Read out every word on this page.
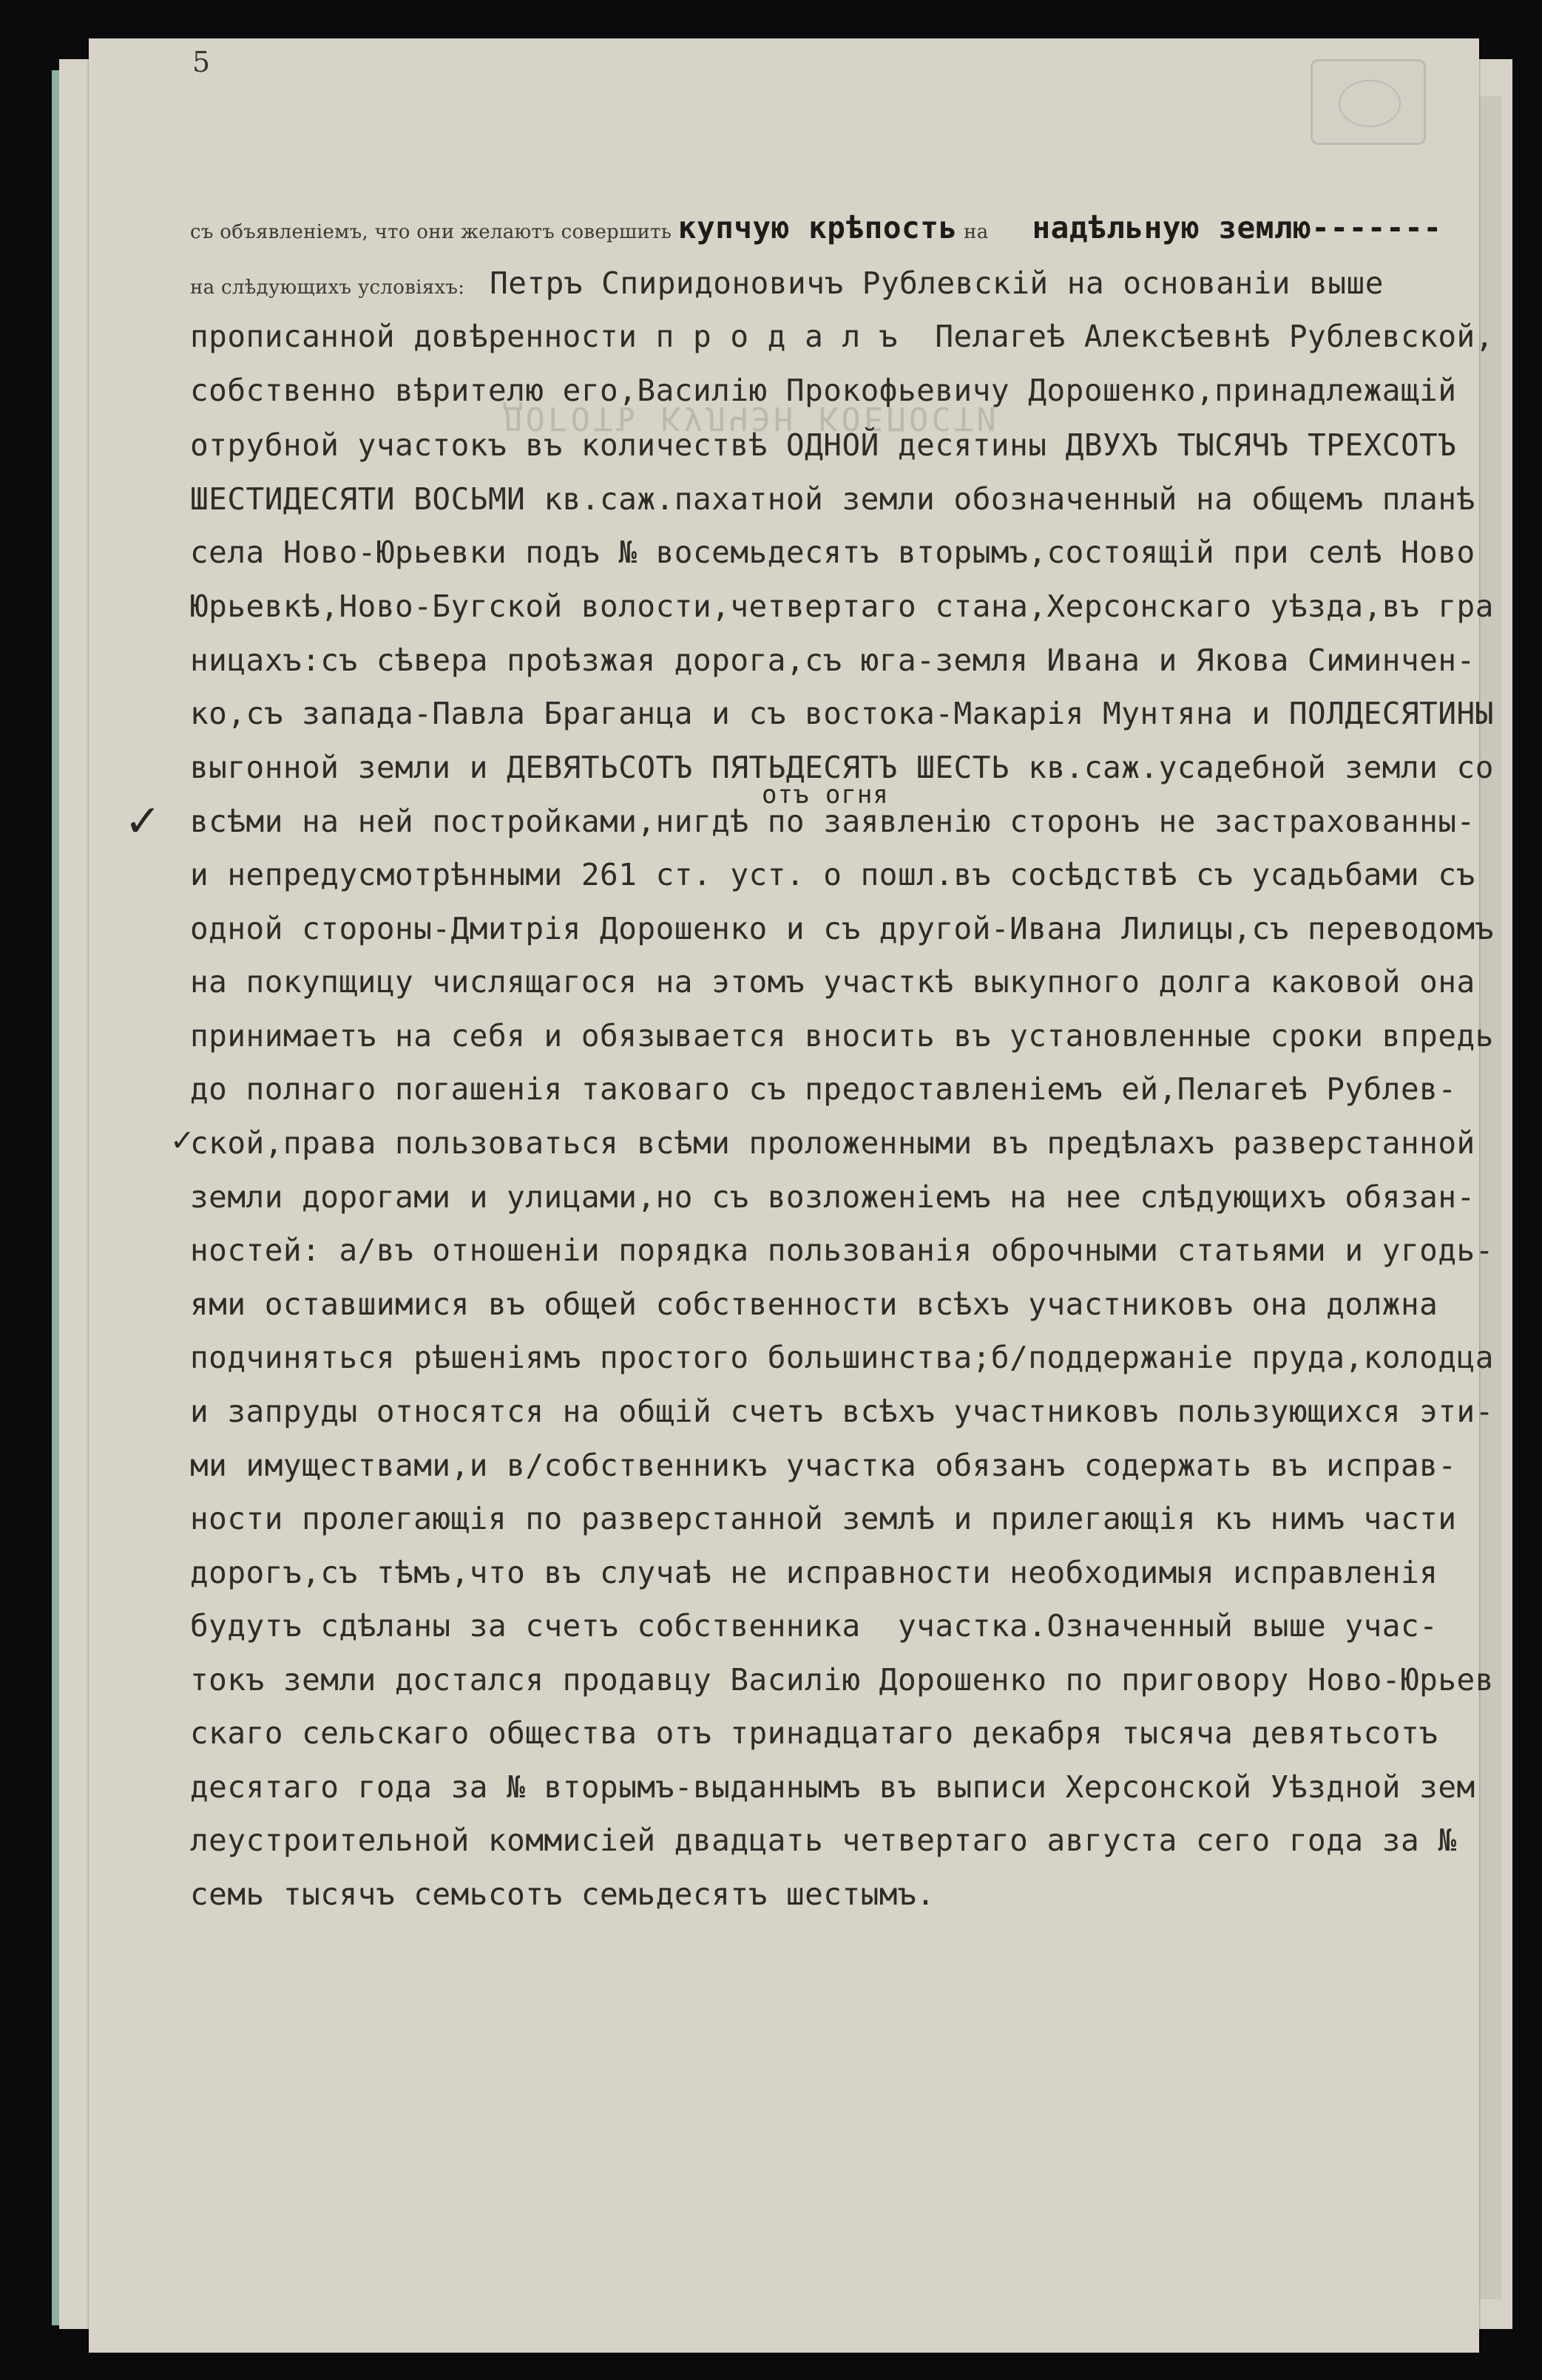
5
ДОГОТЪ КУЛЧЭН КОЕПОСТИ
съ объявленіемъ, что они желаютъ совершить купчую крѣпость на   надѣльную землю-------
на слѣдующихъ условіяхъ:  Петръ Спиридоновичъ Рублевскій на основаніи выше
прописанной довѣренности п р о д а л ъ  Пелагеѣ Алексѣевнѣ Рублевской,
собственно вѣрителю его,Василію Прокофьевичу Дорошенко,принадлежащій
отрубной участокъ въ количествѣ ОДНОЙ десятины ДВУХЪ ТЫСЯЧЪ ТРЕХСОТЪ
ШЕСТИДЕСЯТИ ВОСЬМИ кв.саж.пахатной земли обозначенный на общемъ планѣ
села Ново-Юрьевки подъ № восемьдесятъ вторымъ,состоящій при селѣ Ново
Юрьевкѣ,Ново-Бугской волости,четвертаго стана,Херсонскаго уѣзда,въ гра
ницахъ:съ сѣвера проѣзжая дорога,съ юга-земля Ивана и Якова Симинчен-
ко,съ запада-Павла Браганца и съ востока-Макарія Мунтяна и ПОЛДЕСЯТИНЫ
выгонной земли и ДЕВЯТЬСОТЪ ПЯТЬДЕСЯТЪ ШЕСТЬ кв.саж.усадебной земли со
всѣми на ней постройками,нигдѣ по заявленію сторонъ не застрахованны-
и непредусмотрѣнными 261 ст. уст. о пошл.въ сосѣдствѣ съ усадьбами съ
одной стороны-Дмитрія Дорошенко и съ другой-Ивана Лилицы,съ переводомъ
на покупщицу числящагося на этомъ участкѣ выкупного долга каковой она
принимаетъ на себя и обязывается вносить въ установленные сроки впредь
до полнаго погашенія таковаго съ предоставленіемъ ей,Пелагеѣ Рублев-
ской,права пользоваться всѣми проложенными въ предѣлахъ разверстанной
земли дорогами и улицами,но съ возложеніемъ на нее слѣдующихъ обязан-
ностей: а/въ отношеніи порядка пользованія оброчными статьями и угодь-
ями оставшимися въ общей собственности всѣхъ участниковъ она должна
подчиняться рѣшеніямъ простого большинства;б/поддержаніе пруда,колодца
и запруды относятся на общій счетъ всѣхъ участниковъ пользующихся эти-
ми имуществами,и в/собственникъ участка обязанъ содержать въ исправ-
ности пролегающія по разверстанной землѣ и прилегающія къ нимъ части
дорогъ,съ тѣмъ,что въ случаѣ не исправности необходимыя исправленія
будутъ сдѣланы за счетъ собственника  участка.Означенный выше учас-
токъ земли достался продавцу Василію Дорошенко по приговору Ново-Юрьев
скаго сельскаго общества отъ тринадцатаго декабря тысяча девятьсотъ
десятаго года за № вторымъ-выданнымъ въ выписи Херсонской Уѣздной зем
леустроительной коммисіей двадцать четвертаго августа сего года за №
семь тысячъ семьсотъ семьдесятъ шестымъ.
отъ огня
✓
✓
